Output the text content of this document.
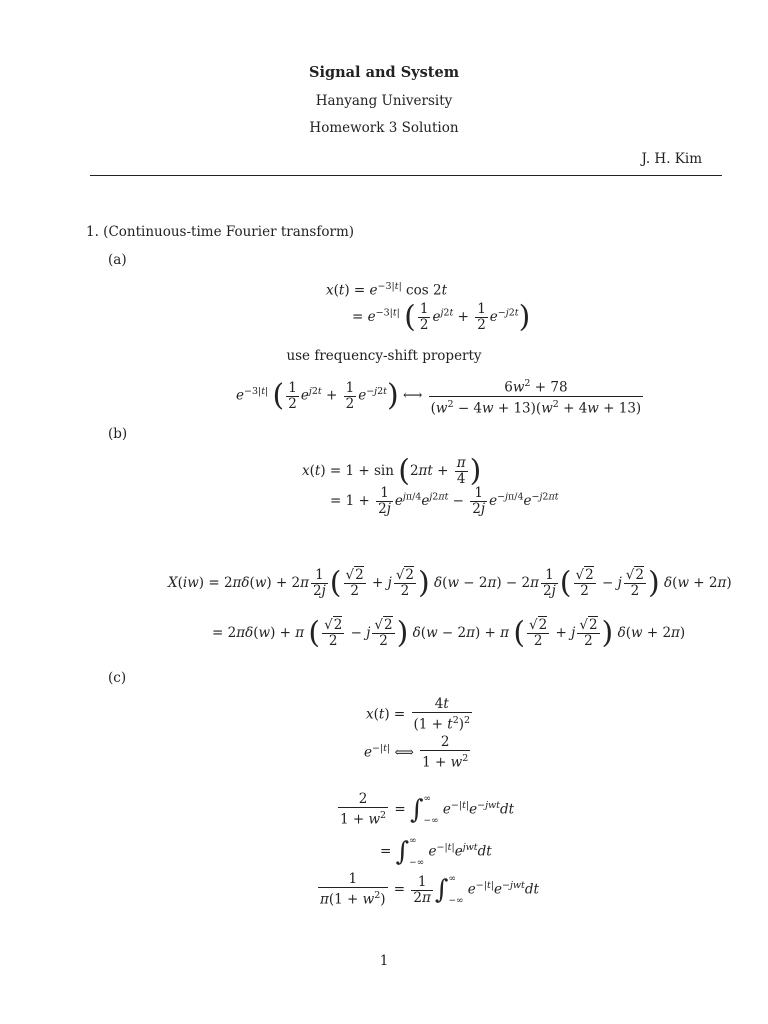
Signal and System
Hanyang University
Homework 3 Solution
J. H. Kim
1. (Continuous-time Fourier transform)
(a)
$x(t) = e^{-3|t|}$ cos 2t
= $e^{-3|t|}$ ( $\frac{1}{2} e^{j2t} + \frac{1}{2} e^{-j2t}$)
use frequency-shift property
$e^{-3|t|}$ ( $\frac{1}{2} e^{j2t} + \frac{1}{2} e^{-j2t}$) ⟷ $\frac{6w^2 + 78}{(w^2 - 4w + 13)(w^2 + 4w + 13)}$
(b)
$x(t) = 1 + \sin (2\pi t + \frac{\pi}{4}$ )
= $1 + \frac{1}{2j} e^{j\pi/4}e^{j2\pi t} - \frac{1}{2j} e^{-j\pi/4}e^{-j2\pi t}$
$X(iw) = 2\pi\delta(w) + 2\pi \frac{1}{2j}$ ( $\frac{√2}{2} + j \frac{√2}{2}$ ) $\delta(w - 2\pi) - 2\pi \frac{1}{2j}$ ( $\frac{√2}{2} - j \frac{√2}{2}$ ) δ(w + 2π)
= 2πδ(w) + π ( $\frac{√2}{2} - j \frac{√2}{2}$ ) δ(w − 2π) + π ( $\frac{√2}{2} + j \frac{√2}{2}$ ) δ(w + 2π)
(c)
$x(t) = \frac{4t}{(1 + t^2)^2}$
$e^{-|t|}$ ⟺ $\frac{2}{1 + w^2}$
$\frac{2}{1 + w^2}$ = ∫ ∞
−∞
$e^{-|t|}e^{-jwt}dt$
= ∫ ∞
−∞
$e^{-|t|}e^{jwt}dt$
$\frac{1}{\pi(1 + w^2)} = \frac{1}{2\pi}$ ∫ ∞
−∞
$e^{-|t|}e^{-jwt}dt$
1
